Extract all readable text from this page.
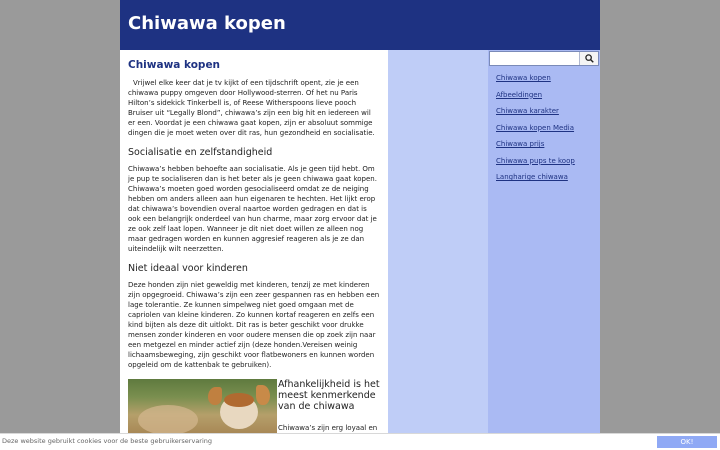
Chiwawa kopen
Chiwawa kopen

Vrijwel elke keer dat je tv kijkt of een tijdschrift opent, zie je een chiwawa puppy omgeven door Hollywood-sterren. Of het nu Paris Hilton’s sidekick Tinkerbell is, of Reese Witherspoons lieve pooch Bruiser uit “Legally Blond”, chiwawa’s zijn een big hit en iedereen wil er een. Voordat je een chiwawa gaat kopen, zijn er absoluut sommige dingen die je moet weten over dit ras, hun gezondheid en socialisatie.

Socialisatie en zelfstandigheid

Chiwawa’s hebben behoefte aan socialisatie. Als je geen tijd hebt. Om je pup te socialiseren dan is het beter als je geen chiwawa gaat kopen. Chiwawa’s moeten goed worden gesocialiseerd omdat ze de neiging hebben om anders alleen aan hun eigenaren te hechten. Het lijkt erop dat chiwawa’s bovendien overal naartoe worden gedragen en dat is ook een belangrijk onderdeel van hun charme, maar zorg ervoor dat je ze ook zelf laat lopen. Wanneer je dit niet doet willen ze alleen nog maar gedragen worden en kunnen aggresief reageren als je ze dan uiteindelijk wilt neerzetten.

Niet ideaal voor kinderen

Deze honden zijn niet geweldig met kinderen, tenzij ze met kinderen zijn opgegroeid. Chiwawa’s zijn een zeer gespannen ras en hebben een lage tolerantie. Ze kunnen simpelweg niet goed omgaan met de capriolen van kleine kinderen. Zo kunnen kortaf reageren en zelfs een kind bijten als deze dit uitlokt. Dit ras is beter geschikt voor drukke mensen zonder kinderen en voor oudere mensen die op zoek zijn naar een metgezel en minder actief zijn (deze honden.Vereisen weinig lichaamsbeweging, zijn geschikt voor flatbewoners en kunnen worden opgeleid om de kattenbak te gebruiken).

Afhankelijkheid is het meest kenmerkende van de chiwawa

Chiwawa’s zijn erg loyaal en

Chiwawa kopen
Afbeeldingen
Chiwawa karakter
Chiwawa kopen Media
Chiwawa prijs
Chiwawa pups te koop
Langharige chiwawa
Deze website gebruikt cookies voor de beste gebruikerservaring	OK!
